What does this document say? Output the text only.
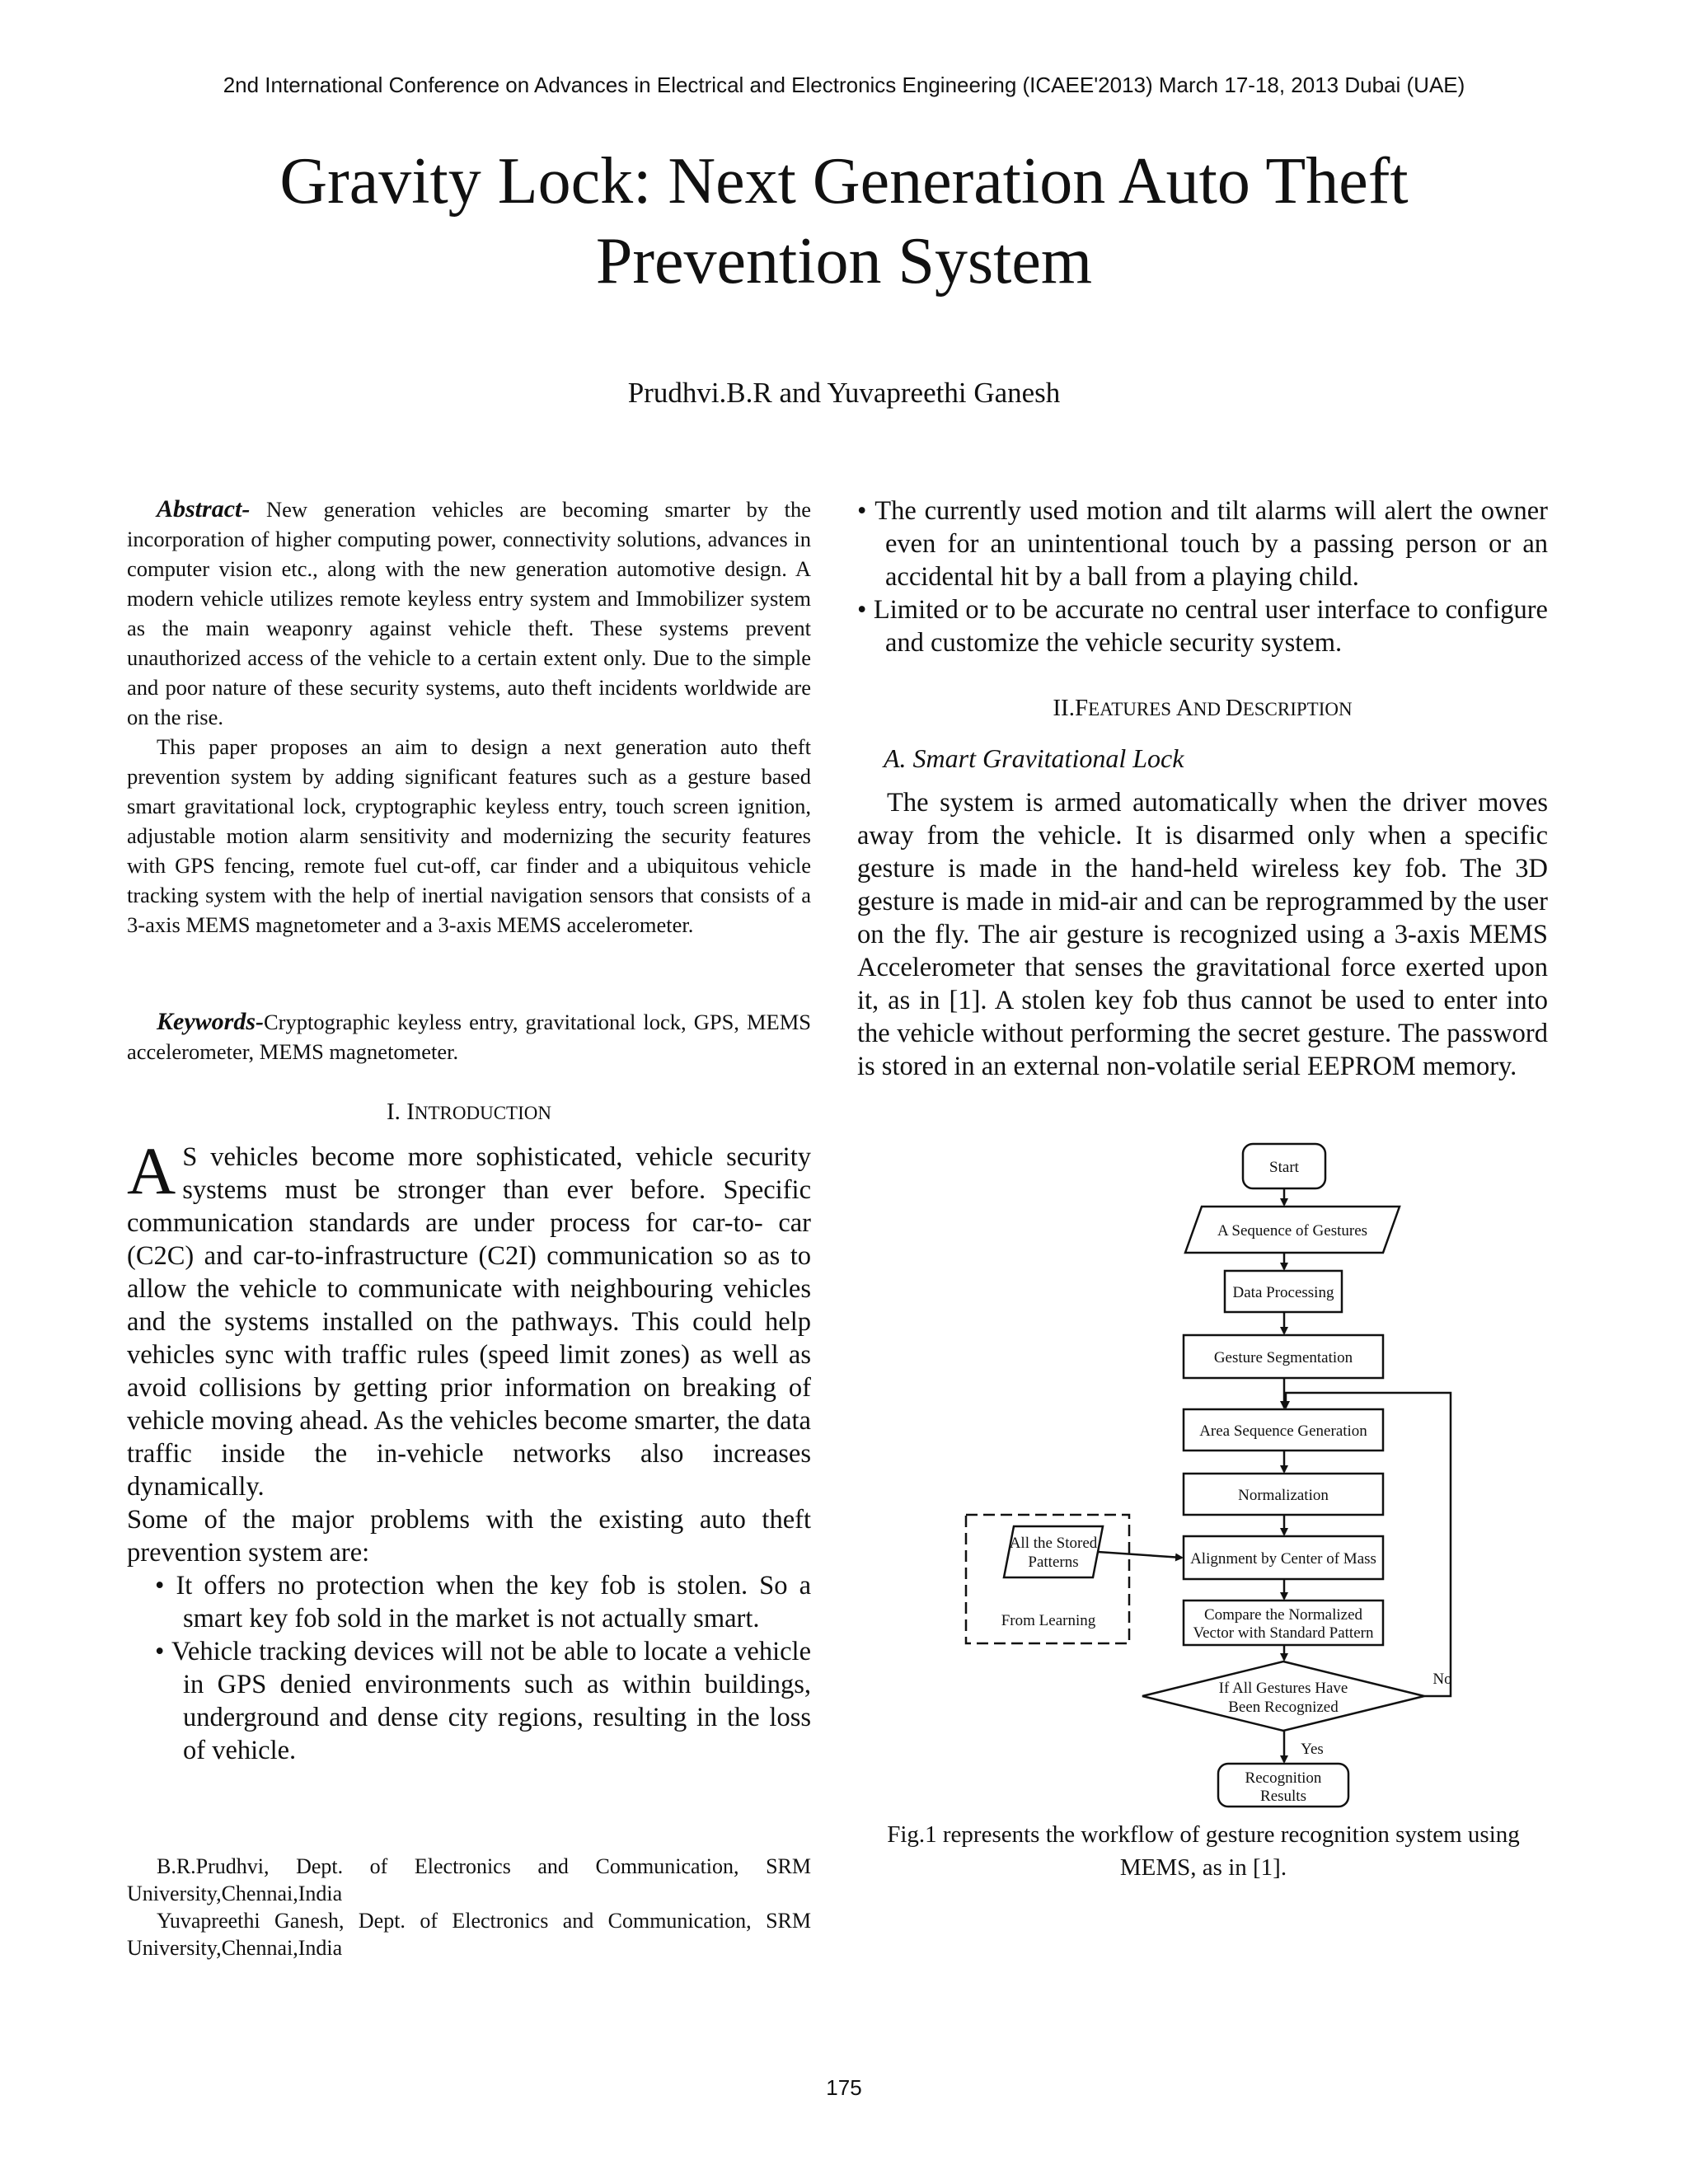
2nd International Conference on Advances in Electrical and Electronics Engineering (ICAEE'2013) March 17-18, 2013 Dubai (UAE)
Gravity Lock: Next Generation Auto Theft
Prevention System
Prudhvi.B.R and Yuvapreethi Ganesh

Abstract- New generation vehicles are becoming smarter by the incorporation of higher computing power, connectivity solutions, advances in computer vision etc., along with the new generation automotive design. A modern vehicle utilizes remote keyless entry system and Immobilizer system as the main weaponry against vehicle theft. These systems prevent unauthorized access of the vehicle to a certain extent only. Due to the simple and poor nature of these security systems, auto theft incidents worldwide are on the rise.

This paper proposes an aim to design a next generation auto theft prevention system by adding significant features such as a gesture based smart gravitational lock, cryptographic keyless entry, touch screen ignition, adjustable motion alarm sensitivity and modernizing the security features with GPS fencing, remote fuel cut-off, car finder and a ubiquitous vehicle tracking system with the help of inertial navigation sensors that consists of a 3-axis MEMS magnetometer and a 3-axis MEMS accelerometer.

Keywords-Cryptographic keyless entry, gravitational lock, GPS, MEMS accelerometer, MEMS magnetometer.

I. INTRODUCTION

A S vehicles become more sophisticated, vehicle security systems must be stronger than ever before. Specific communication standards are under process for car-to- car (C2C) and car-to-infrastructure (C2I) communication so as to allow the vehicle to communicate with neighbouring vehicles and the systems installed on the pathways. This could help vehicles sync with traffic rules (speed limit zones) as well as avoid collisions by getting prior information on breaking of vehicle moving ahead. As the vehicles become smarter, the data traffic inside the in-vehicle networks also increases dynamically.

Some of the major problems with the existing auto theft prevention system are:

• It offers no protection when the key fob is stolen. So a smart key fob sold in the market is not actually smart.

• Vehicle tracking devices will not be able to locate a vehicle in GPS denied environments such as within buildings, underground and dense city regions, resulting in the loss of vehicle.

B.R.Prudhvi, Dept. of Electronics and Communication, SRM University,Chennai,India

Yuvapreethi Ganesh, Dept. of Electronics and Communication, SRM University,Chennai,India

• The currently used motion and tilt alarms will alert the owner even for an unintentional touch by a passing person or an accidental hit by a ball from a playing child.

• Limited or to be accurate no central user interface to configure and customize the vehicle security system.

II.FEATURES AND DESCRIPTION
A. Smart Gravitational Lock

The system is armed automatically when the driver moves away from the vehicle. It is disarmed only when a specific gesture is made in the hand-held wireless key fob. The 3D gesture is made in mid-air and can be reprogrammed by the user on the fly. The air gesture is recognized using a 3-axis MEMS Accelerometer that senses the gravitational force exerted upon it, as in [1]. A stolen key fob thus cannot be used to enter into the vehicle without performing the secret gesture. The password is stored in an external non-volatile serial EEPROM memory.

Start
A Sequence of Gestures
Data Processing
Gesture Segmentation
Area Sequence Generation
Normalization
Alignment by Center of Mass
Compare the Normalized
Vector with Standard Pattern
If All Gestures Have
Been Recognized
Yes
No
Recognition
Results
All the Stored
Patterns
From Learning
Fig.1 represents the workflow of gesture recognition system using MEMS, as in [1].
175
